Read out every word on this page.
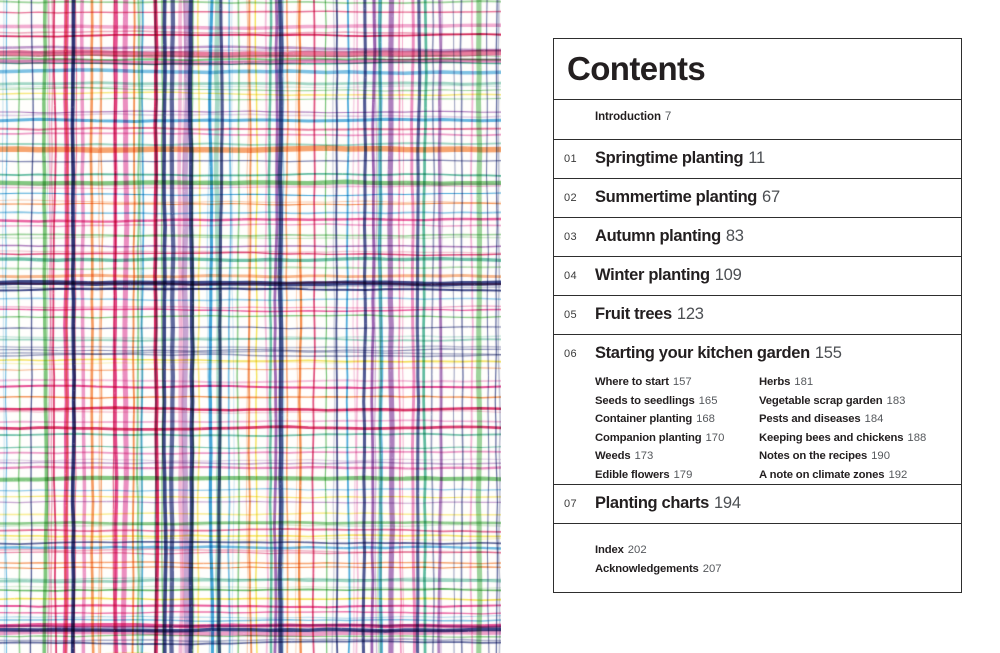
Contents
Introduction 7
01 Springtime planting 11
02 Summertime planting 67
03 Autumn planting 83
04 Winter planting 109
05 Fruit trees 123
06 Starting your kitchen garden 155
Where to start 157
Seeds to seedlings 165
Container planting 168
Companion planting 170
Weeds 173
Edible flowers 179
Herbs 181
Vegetable scrap garden 183
Pests and diseases 184
Keeping bees and chickens 188
Notes on the recipes 190
A note on climate zones 192
07 Planting charts 194
Index 202
Acknowledgements 207
